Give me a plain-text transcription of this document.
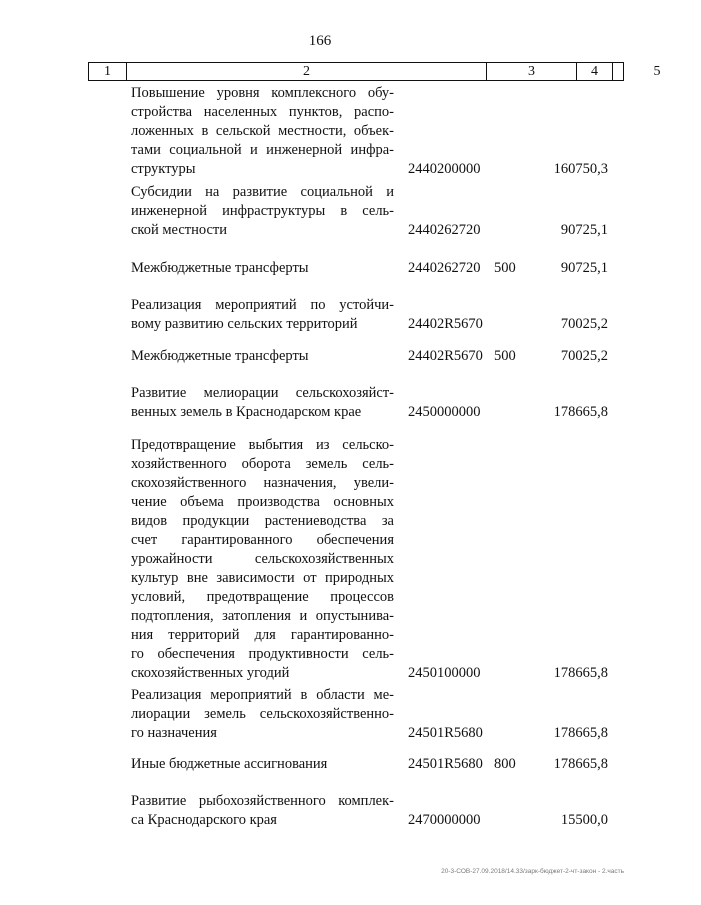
166
1	2	3	4	5
Повышение уровня комплексного обу-
стройства населенных пунктов, распо-
ложенных в сельской местности, объек-
тами социальной и инженерной инфра-
структуры	2440200000	160750,3
Субсидии на развитие социальной и
инженерной инфраструктуры в сель-
ской местности	2440262720	90725,1
Межбюджетные трансферты	2440262720 500	90725,1
Реализация мероприятий по устойчи-
вому развитию сельских территорий	24402R5670	70025,2
Межбюджетные трансферты	24402R5670 500	70025,2
Развитие мелиорации сельскохозяйст-
венных земель в Краснодарском крае	2450000000	178665,8
Предотвращение выбытия из сельско-
хозяйственного оборота земель сель-
скохозяйственного назначения, увели-
чение объема производства основных
видов продукции растениеводства за
счет гарантированного обеспечения
урожайности сельскохозяйственных
культур вне зависимости от природных
условий, предотвращение процессов
подтопления, затопления и опустынива-
ния территорий для гарантированно-
го обеспечения продуктивности сель-
скохозяйственных угодий	2450100000	178665,8
Реализация мероприятий в области ме-
лиорации земель сельскохозяйственно-
го назначения	24501R5680	178665,8
Иные бюджетные ассигнования	24501R5680 800	178665,8
Развитие рыбохозяйственного комплек-
са Краснодарского края	2470000000	15500,0
20-3-СОВ-27.09.2018/14.33/зарк-бюджет-2-чт-закон - 2.часть
